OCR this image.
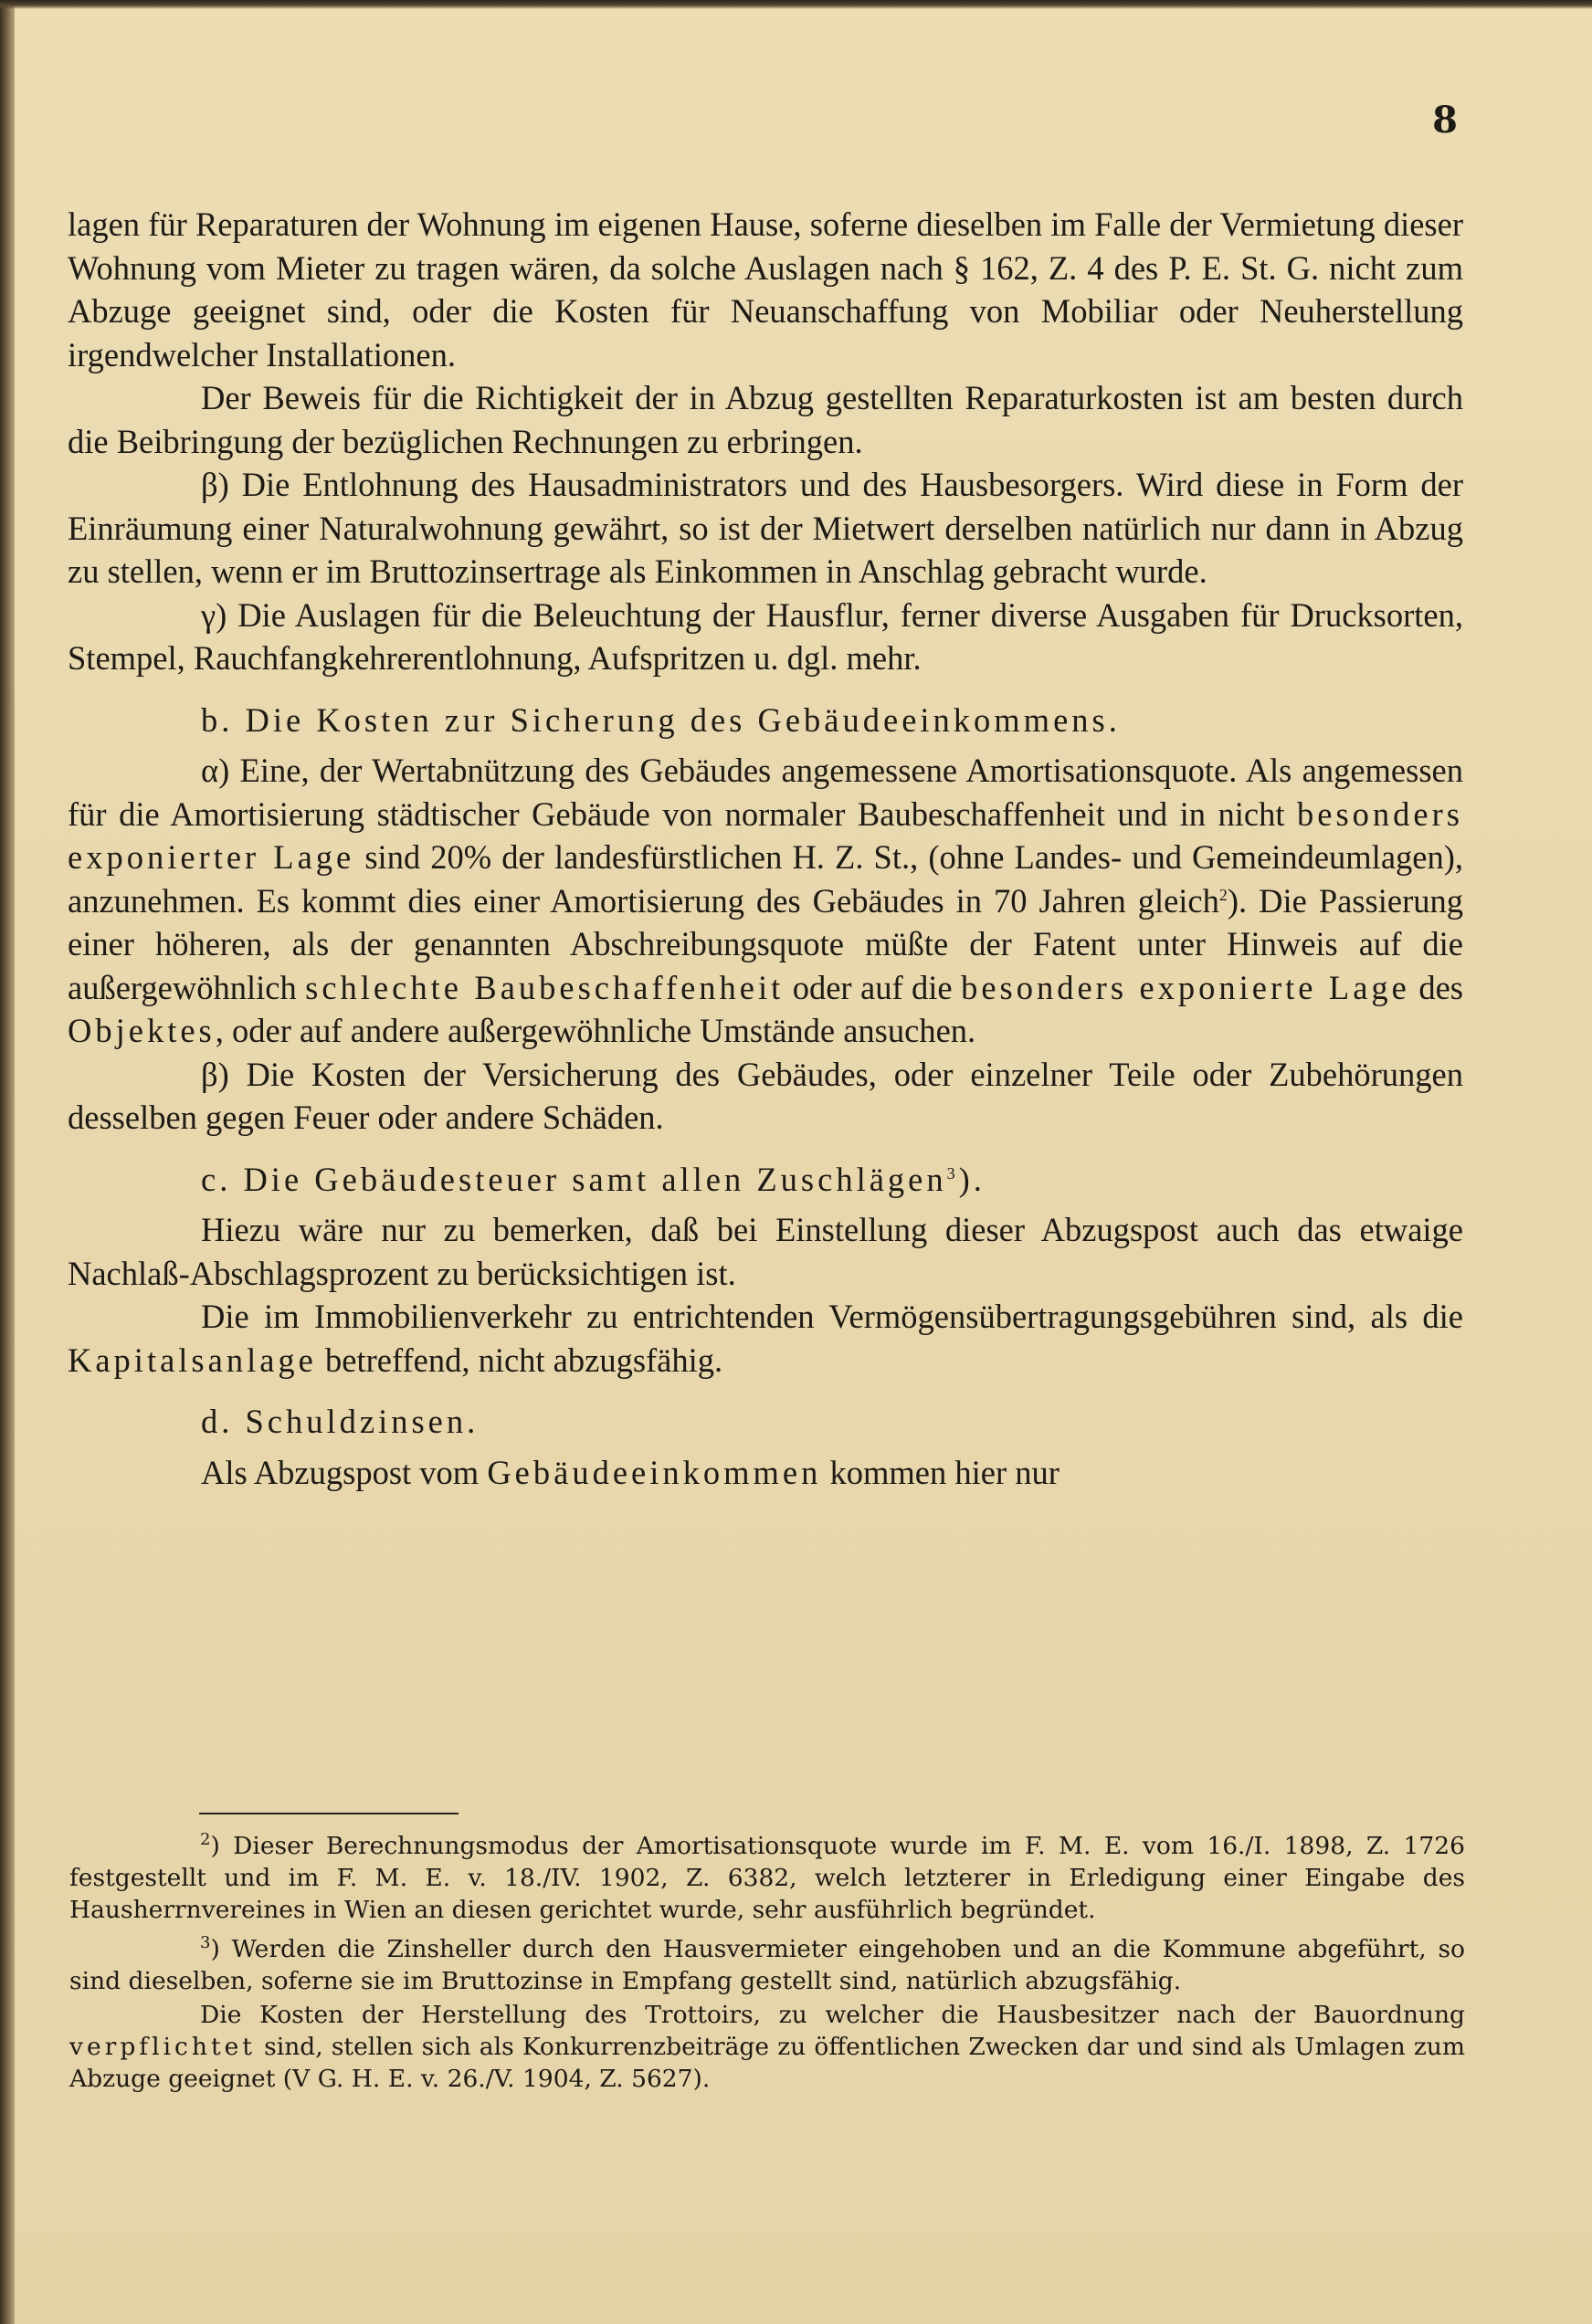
8

lagen für Reparaturen der Wohnung im eigenen Hause, soferne dieselben im Falle der Vermietung dieser Wohnung vom Mieter zu tragen wären, da solche Auslagen nach § 162, Z. 4 des P. E. St. G. nicht zum Abzuge geeignet sind, oder die Kosten für Neuanschaffung von Mobiliar oder Neuherstellung irgendwelcher Installationen.

Der Beweis für die Richtigkeit der in Abzug gestellten Reparaturkosten ist am besten durch die Beibringung der bezüglichen Rechnungen zu erbringen.

β) Die Entlohnung des Hausadministrators und des Hausbesorgers. Wird diese in Form der Einräumung einer Naturalwohnung gewährt, so ist der Mietwert derselben natürlich nur dann in Abzug zu stellen, wenn er im Bruttozinsertrage als Einkommen in Anschlag gebracht wurde.

γ) Die Auslagen für die Beleuchtung der Hausflur, ferner diverse Ausgaben für Drucksorten, Stempel, Rauchfangkehrerentlohnung, Aufspritzen u. dgl. mehr.

b. Die Kosten zur Sicherung des Gebäudeeinkommens.

α) Eine, der Wertabnützung des Gebäudes angemessene Amortisationsquote. Als angemessen für die Amortisierung städtischer Gebäude von normaler Baubeschaffenheit und in nicht besonders exponierter Lage sind 20% der landesfürstlichen H. Z. St., (ohne Landes- und Gemeindeumlagen), anzunehmen. Es kommt dies einer Amortisierung des Gebäudes in 70 Jahren gleich$^2$). Die Passierung einer höheren, als der genannten Abschreibungsquote müßte der Fatent unter Hinweis auf die außergewöhnlich schlechte Baubeschaffenheit oder auf die besonders exponierte Lage des Objektes, oder auf andere außergewöhnliche Umstände ansuchen.

β) Die Kosten der Versicherung des Gebäudes, oder einzelner Teile oder Zubehörungen desselben gegen Feuer oder andere Schäden.

c. Die Gebäudesteuer samt allen Zuschlägen$^3$).

Hiezu wäre nur zu bemerken, daß bei Einstellung dieser Abzugspost auch das etwaige Nachlaß-Abschlagsprozent zu berücksichtigen ist.

Die im Immobilienverkehr zu entrichtenden Vermögensübertragungsgebühren sind, als die Kapitalsanlage betreffend, nicht abzugsfähig.

d. Schuldzinsen.

Als Abzugspost vom Gebäudeeinkommen kommen hier nur

$^2$) Dieser Berechnungsmodus der Amortisationsquote wurde im F. M. E. vom 16./I. 1898, Z. 1726 festgestellt und im F. M. E. v. 18./IV. 1902, Z. 6382, welch letzterer in Erledigung einer Eingabe des Hausherrnvereines in Wien an diesen gerichtet wurde, sehr ausführlich begründet.

$^3$) Werden die Zinsheller durch den Hausvermieter eingehoben und an die Kommune abgeführt, so sind dieselben, soferne sie im Bruttozinse in Empfang gestellt sind, natürlich abzugsfähig.

Die Kosten der Herstellung des Trottoirs, zu welcher die Hausbesitzer nach der Bauordnung verpflichtet sind, stellen sich als Konkurrenzbeiträge zu öffentlichen Zwecken dar und sind als Umlagen zum Abzuge geeignet (V G. H. E. v. 26./V. 1904, Z. 5627).
